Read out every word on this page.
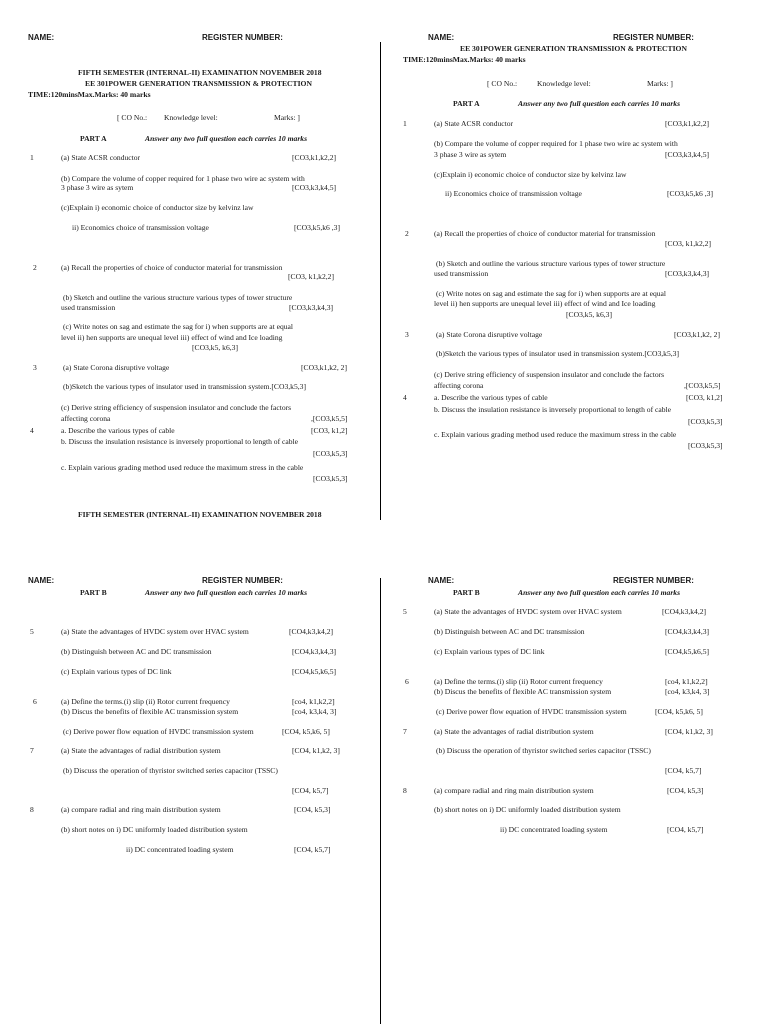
NAME:	REGISTER NUMBER:
FIFTH SEMESTER (INTERNAL-II) EXAMINATION NOVEMBER 2018
EE 301POWER GENERATION TRANSMISSION & PROTECTION
TIME:120minsMax.Marks: 40 marks
[ CO No.: Knowledge level:	Marks: ]
PART A	Answer any two full question each carries 10 marks
1	(a) State ACSR conductor	[CO3,k1,k2,2]
(b) Compare the volume of copper required for 1 phase two wire ac system with
3 phase 3 wire as sytem	[CO3,k3,k4,5]
(c)Explain i) economic choice of conductor size by kelvinz law
ii) Economics choice of transmission voltage	[CO3,k5,k6 ,3]
2	(a) Recall the properties of choice of conductor material for transmission
[CO3, k1,k2,2]
(b) Sketch and outline the various structure various types of tower structure
used transmission	[CO3,k3,k4,3]
(c) Write notes on sag and estimate the sag for i) when supports are at equal
level ii) hen supports are unequal level iii) effect of wind and Ice loading
[CO3,k5, k6,3]
3	(a) State Corona disruptive voltage	[CO3,k1,k2, 2]
(b)Sketch the various types of insulator used in transmission system.[CO3,k5,3]
(c) Derive string efficiency of suspension insulator and conclude the factors
affecting corona	,[CO3,k5,5]
4	a. Describe the various types of cable	[CO3, k1,2]
b. Discuss the insulation resistance is inversely proportional to length of cable
[CO3,k5,3]
c. Explain various grading method used reduce the maximum stress in the cable
[CO3,k5,3]
FIFTH SEMESTER (INTERNAL-II) EXAMINATION NOVEMBER 2018
NAME:	REGISTER NUMBER:
EE 301POWER GENERATION TRANSMISSION & PROTECTION
TIME:120minsMax.Marks: 40 marks
[ CO No.:	Knowledge level:	Marks: ]
PART A	Answer any two full question each carries 10 marks
1	(a) State ACSR conductor	[CO3,k1,k2,2]
(b) Compare the volume of copper required for 1 phase two wire ac system with
3 phase 3 wire as sytem	[CO3,k3,k4,5]
(c)Explain i) economic choice of conductor size by kelvinz law
ii) Economics choice of transmission voltage	[CO3,k5,k6 ,3]
2	(a) Recall the properties of choice of conductor material for transmission
[CO3, k1,k2,2]
(b) Sketch and outline the various structure various types of tower structure
used transmission	[CO3,k3,k4,3]
(c) Write notes on sag and estimate the sag for i) when supports are at equal
level ii) hen supports are unequal level iii) effect of wind and Ice loading
[CO3,k5, k6,3]
3	(a) State Corona disruptive voltage	[CO3,k1,k2, 2]
(b)Sketch the various types of insulator used in transmission system.[CO3,k5,3]
(c) Derive string efficiency of suspension insulator and conclude the factors
affecting corona	,[CO3,k5,5]
4	a. Describe the various types of cable	[CO3, k1,2]
b. Discuss the insulation resistance is inversely proportional to length of cable
[CO3,k5,3]
c. Explain various grading method used reduce the maximum stress in the cable
[CO3,k5,3]
NAME:	REGISTER NUMBER:
PART B	Answer any two full question each carries 10 marks
5	(a) State the advantages of HVDC system over HVAC system	[CO4,k3,k4,2]
(b) Distinguish between AC and DC transmission	[CO4,k3,k4,3]
(c) Explain various types of DC link	[CO4,k5,k6,5]
6	(a) Define the terms.(i) slip (ii) Rotor current frequency	[co4, k1,k2,2]
(b) Discus the benefits of flexible AC transmission system	[co4, k3,k4, 3]
(c) Derive power flow equation of HVDC transmission system	[CO4, k5,k6, 5]
7	(a) State the advantages of radial distribution system	[CO4, k1,k2, 3]
(b) Discuss the operation of thyristor switched series capacitor (TSSC)
[CO4, k5,7]
8	(a) compare radial and ring main distribution system	[CO4, k5,3]
(b) short notes on i) DC uniformly loaded distribution system
ii) DC concentrated loading system	[CO4, k5,7]
NAME:	REGISTER NUMBER:
PART B	Answer any two full question each carries 10 marks
5	(a) State the advantages of HVDC system over HVAC system	[CO4,k3,k4,2]
(b) Distinguish between AC and DC transmission	[CO4,k3,k4,3]
(c) Explain various types of DC link	[CO4,k5,k6,5]
6	(a) Define the terms.(i) slip (ii) Rotor current frequency	[co4, k1,k2,2]
(b) Discus the benefits of flexible AC transmission system	[co4, k3,k4, 3]
(c) Derive power flow equation of HVDC transmission system	[CO4, k5,k6, 5]
7	(a) State the advantages of radial distribution system	[CO4, k1,k2, 3]
(b) Discuss the operation of thyristor switched series capacitor (TSSC)
[CO4, k5,7]
8	(a) compare radial and ring main distribution system	[CO4, k5,3]
(b) short notes on i) DC uniformly loaded distribution system
ii) DC concentrated loading system	[CO4, k5,7]
